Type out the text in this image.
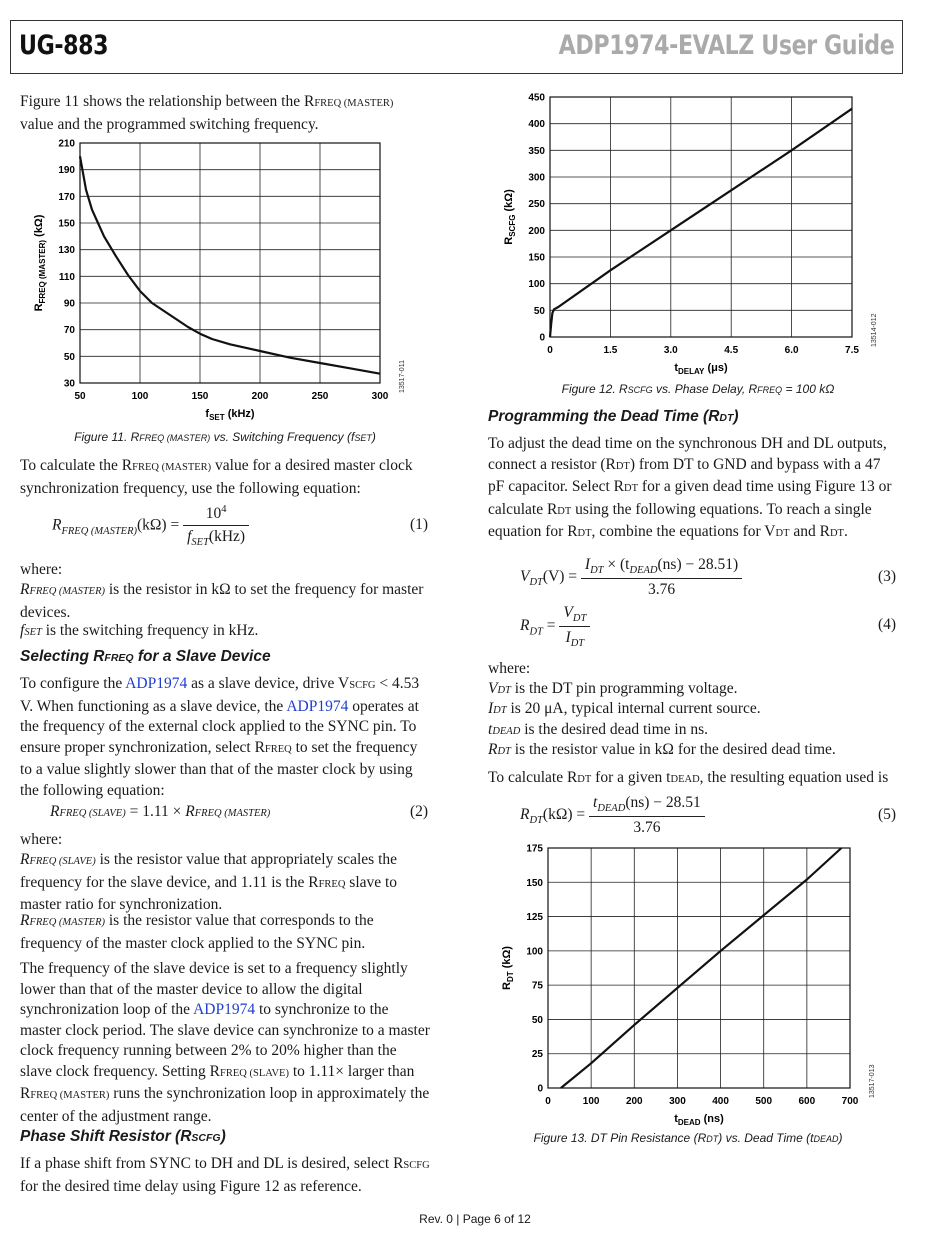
UG-883	ADP1974-EVALZ User Guide

Figure 11 shows the relationship between the RFREQ (MASTER) value and the programmed switching frequency.

50	100	150	200	250	300
30
50
70
90
110
130
150
170
190
210
$f_{SET}$ (kHz)
$R_{FREQ (MASTER)}$ (kΩ)
13517-011

Figure 11. RFREQ (MASTER) vs. Switching Frequency (fSET)

To calculate the RFREQ (MASTER) value for a desired master clock synchronization frequency, use the following equation:

$R_{FREQ (MASTER)}(k\Omega) = \frac{10^4}{f_{SET}(kHz)}$	(1)

where:

RFREQ (MASTER) is the resistor in kΩ to set the frequency for master devices.

fSET is the switching frequency in kHz.

Selecting RFREQ for a Slave Device

To configure the ADP1974 as a slave device, drive VSCFG < 4.53 V. When functioning as a slave device, the ADP1974 operates at the frequency of the external clock applied to the SYNC pin. To ensure proper synchronization, select RFREQ to set the frequency to a value slightly slower than that of the master clock by using the following equation:

RFREQ (SLAVE) = 1.11 × RFREQ (MASTER)	(2)

where:

RFREQ (SLAVE) is the resistor value that appropriately scales the frequency for the slave device, and 1.11 is the RFREQ slave to master ratio for synchronization.

RFREQ (MASTER) is the resistor value that corresponds to the frequency of the master clock applied to the SYNC pin.

The frequency of the slave device is set to a frequency slightly lower than that of the master device to allow the digital synchronization loop of the ADP1974 to synchronize to the master clock period. The slave device can synchronize to a master clock frequency running between 2% to 20% higher than the slave clock frequency. Setting RFREQ (SLAVE) to 1.11× larger than RFREQ (MASTER) runs the synchronization loop in approximately the center of the adjustment range.

Phase Shift Resistor (RSCFG)

If a phase shift from SYNC to DH and DL is desired, select RSCFG for the desired time delay using Figure 12 as reference.

0	1.5	3.0	4.5	6.0	7.5
0
50
100
150
200
250
300
350
400
450
$t_{DELAY}$ (μs)
$R_{SCFG}$ (kΩ)
13514-012

Figure 12. RSCFG vs. Phase Delay, RFREQ = 100 kΩ

Programming the Dead Time (RDT)

To adjust the dead time on the synchronous DH and DL outputs, connect a resistor (RDT) from DT to GND and bypass with a 47 pF capacitor. Select RDT for a given dead time using Figure 13 or calculate RDT using the following equations. To reach a single equation for RDT, combine the equations for VDT and RDT.

$V_{DT}(V) = \frac{I_{DT} \times (t_{DEAD}(ns) - 28.51)}{3.76}$	(3)
$R_{DT} = \frac{V_{DT}}{I_{DT}}$	(4)

where:

VDT is the DT pin programming voltage.

IDT is 20 μA, typical internal current source.

tDEAD is the desired dead time in ns.

RDT is the resistor value in kΩ for the desired dead time.

To calculate RDT for a given tDEAD, the resulting equation used is

$R_{DT}(k\Omega) = \frac{t_{DEAD}(ns) - 28.51}{3.76}$	(5)
0	100	200	300	400	500	600	700
0
25
50
75
100
125
150
175
$t_{DEAD}$ (ns)
$R_{DT}$ (kΩ)
13517-013

Figure 13. DT Pin Resistance (RDT) vs. Dead Time (tDEAD)

Rev. 0 | Page 6 of 12
